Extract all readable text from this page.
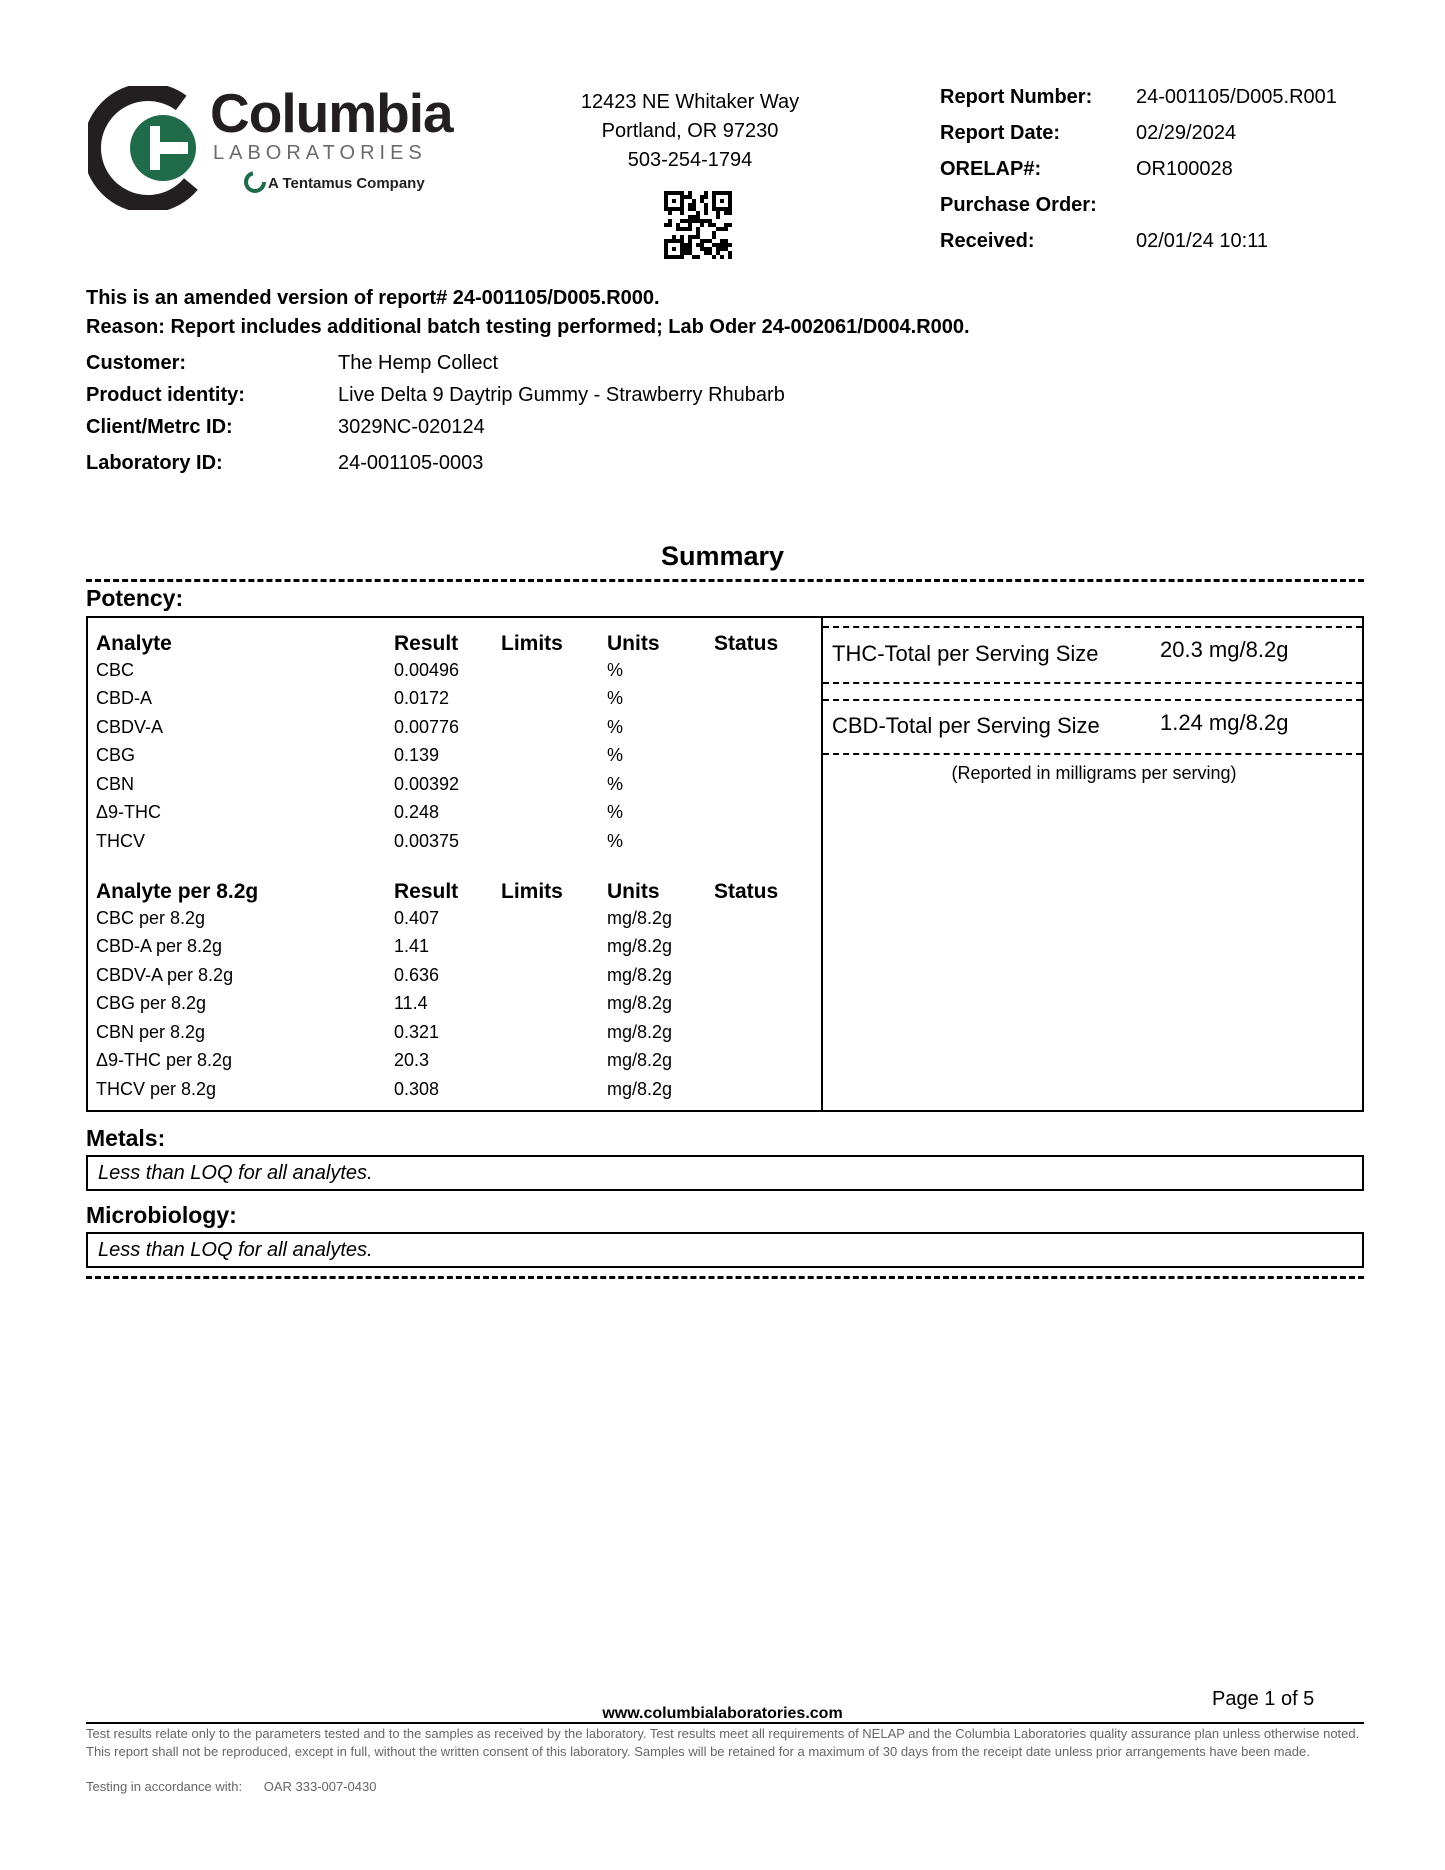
Columbia
LABORATORIES
A Tentamus Company
12423 NE Whitaker Way
Portland, OR 97230
503-254-1794
Report Number:	24-001105/D005.R001
Report Date:	02/29/2024
ORELAP#:	OR100028
Purchase Order:
Received:	02/01/24 10:11
This is an amended version of report# 24-001105/D005.R000.
Reason: Report includes additional batch testing performed; Lab Oder 24-002061/D004.R000.
Customer:	The Hemp Collect
Product identity:	Live Delta 9 Daytrip Gummy - Strawberry Rhubarb
Client/Metrc ID:	3029NC-020124
Laboratory ID:	24-001105-0003
Summary
Potency:
Analyte	Result	Limits	Units	Status
CBC	0.00496	%
CBD-A	0.0172	%
CBDV-A	0.00776	%
CBG	0.139	%
CBN	0.00392	%
Δ9-THC	0.248	%
THCV	0.00375	%
Analyte per 8.2g	Result	Limits	Units	Status
CBC per 8.2g	0.407	mg/8.2g
CBD-A per 8.2g	1.41	mg/8.2g
CBDV-A per 8.2g	0.636	mg/8.2g
CBG per 8.2g	11.4	mg/8.2g
CBN per 8.2g	0.321	mg/8.2g
Δ9-THC per 8.2g	20.3	mg/8.2g
THCV per 8.2g	0.308	mg/8.2g
THC-Total per Serving Size	20.3 mg/8.2g
CBD-Total per Serving Size	1.24 mg/8.2g
(Reported in milligrams per serving)
Metals:
Less than LOQ for all analytes.
Microbiology:
Less than LOQ for all analytes.
Page 1 of 5
www.columbialaboratories.com
Test results relate only to the parameters tested and to the samples as received by the laboratory. Test results meet all requirements of NELAP and the Columbia Laboratories quality assurance plan unless otherwise noted. This report shall not be reproduced, except in full, without the written consent of this laboratory. Samples will be retained for a maximum of 30 days from the receipt date unless prior arrangements have been made.
Testing in accordance with: OAR 333-007-0430
